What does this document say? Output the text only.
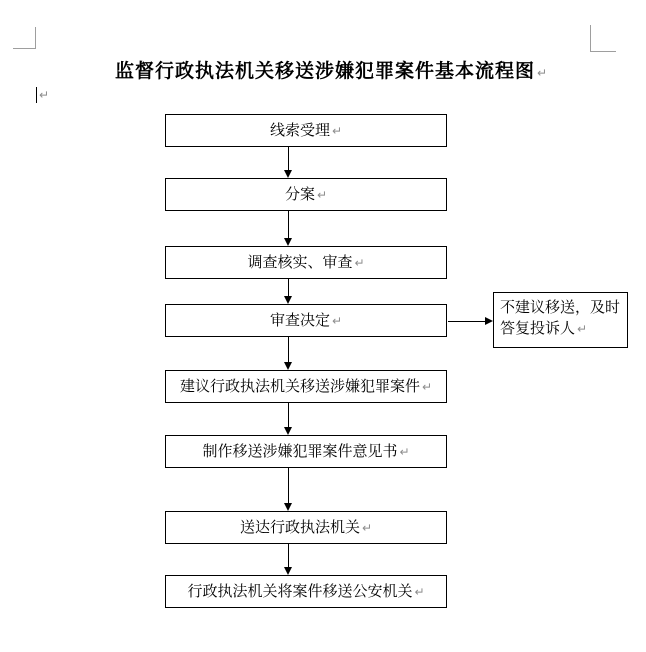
↵
监督行政执法机关移送涉嫌犯罪案件基本流程图 ↵
线索受理 ↵
分案 ↵
调查核实、审查 ↵
审查决定 ↵
建议行政执法机关移送涉嫌犯罪案件 ↵
制作移送涉嫌犯罪案件意见书 ↵
送达行政执法机关 ↵
行政执法机关将案件移送公安机关 ↵
不建议移送，及时答复投诉人 ↵
